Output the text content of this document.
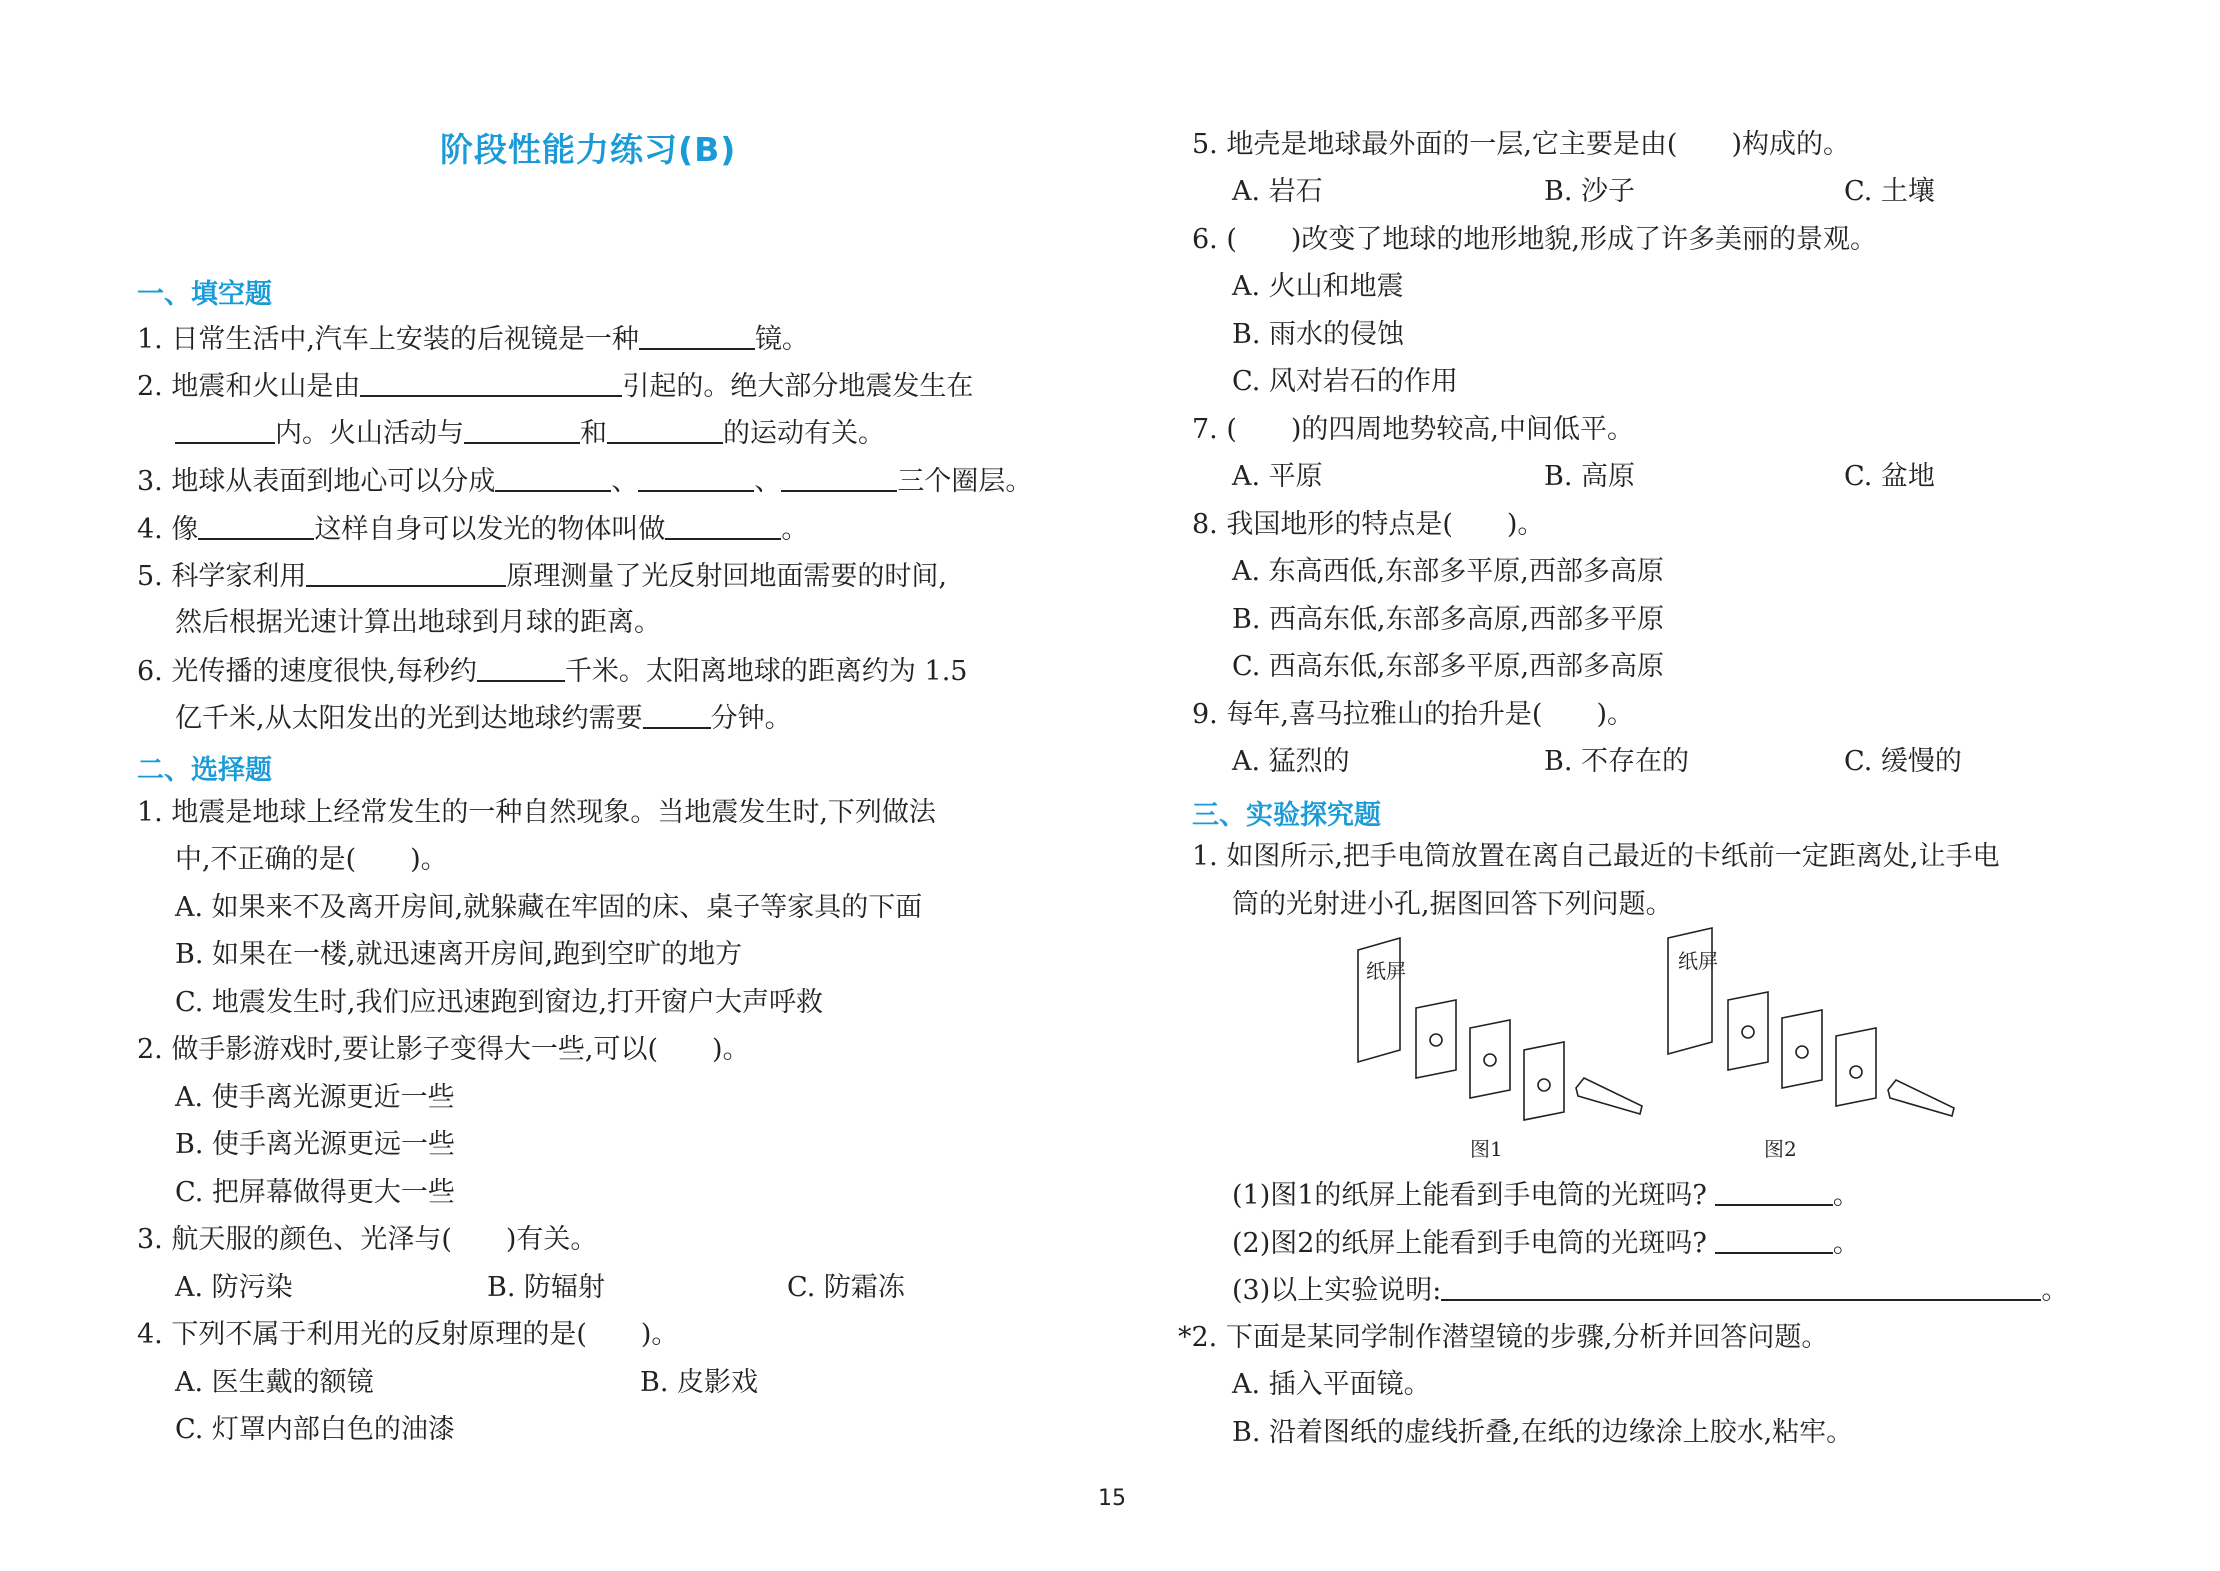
阶段性能力练习(B)
一、填空题
1. 日常生活中,汽车上安装的后视镜是一种	镜。
2. 地震和火山是由	引起的。绝大部分地震发生在
内。火山活动与	和	的运动有关。
3. 地球从表面到地心可以分成	、	、	三个圈层。
4. 像	这样自身可以发光的物体叫做	。
5. 科学家利用	原理测量了光反射回地面需要的时间,
然后根据光速计算出地球到月球的距离。
6. 光传播的速度很快,每秒约	千米。太阳离地球的距离约为 1.5
亿千米,从太阳发出的光到达地球约需要	分钟。
二、选择题
1. 地震是地球上经常发生的一种自然现象。当地震发生时,下列做法
中,不正确的是(　　)。
A. 如果来不及离开房间,就躲藏在牢固的床、桌子等家具的下面
B. 如果在一楼,就迅速离开房间,跑到空旷的地方
C. 地震发生时,我们应迅速跑到窗边,打开窗户大声呼救
2. 做手影游戏时,要让影子变得大一些,可以(　　)。
A. 使手离光源更近一些
B. 使手离光源更远一些
C. 把屏幕做得更大一些
3. 航天服的颜色、光泽与(　　)有关。
A. 防污染	B. 防辐射	C. 防霜冻
4. 下列不属于利用光的反射原理的是(　　)。
A. 医生戴的额镜	B. 皮影戏
C. 灯罩内部白色的油漆
5. 地壳是地球最外面的一层,它主要是由(　　)构成的。
A. 岩石	B. 沙子	C. 土壤
6. (　　)改变了地球的地形地貌,形成了许多美丽的景观。
A. 火山和地震
B. 雨水的侵蚀
C. 风对岩石的作用
7. (　　)的四周地势较高,中间低平。
A. 平原	B. 高原	C. 盆地
8. 我国地形的特点是(　　)。
A. 东高西低,东部多平原,西部多高原
B. 西高东低,东部多高原,西部多平原
C. 西高东低,东部多平原,西部多高原
9. 每年,喜马拉雅山的抬升是(　　)。
A. 猛烈的	B. 不存在的	C. 缓慢的
三、实验探究题
1. 如图所示,把手电筒放置在离自己最近的卡纸前一定距离处,让手电
筒的光射进小孔,据图回答下列问题。
纸屏	纸屏
图1	图2
(1)图1的纸屏上能看到手电筒的光斑吗?	。
(2)图2的纸屏上能看到手电筒的光斑吗?	。
(3)以上实验说明:	。
*2. 下面是某同学制作潜望镜的步骤,分析并回答问题。
A. 插入平面镜。
B. 沿着图纸的虚线折叠,在纸的边缘涂上胶水,粘牢。
15
